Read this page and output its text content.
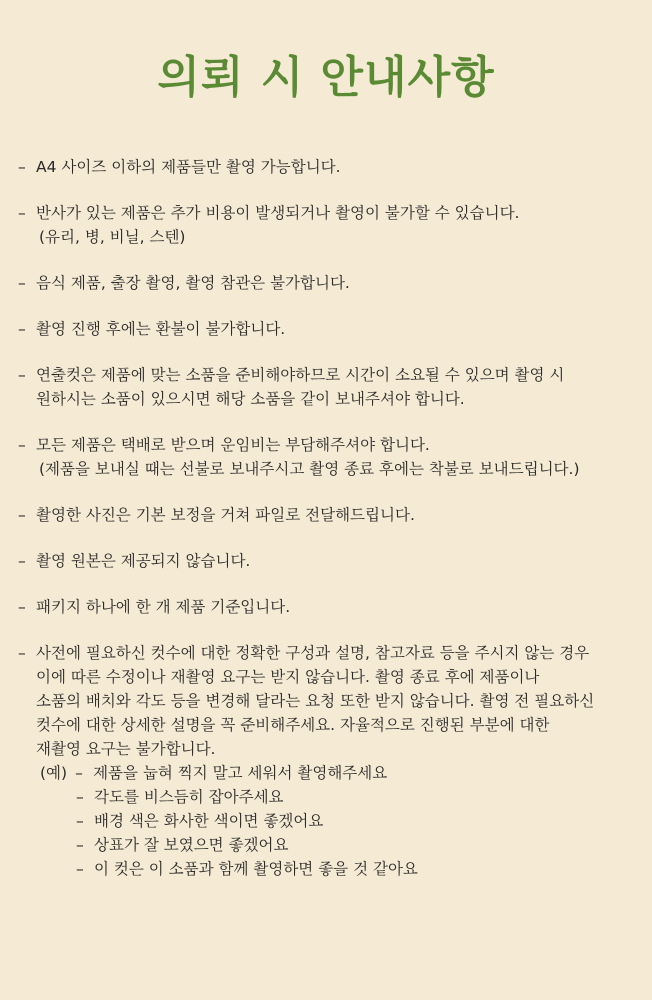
의뢰 시 안내사항
– A4 사이즈 이하의 제품들만 촬영 가능합니다.
– 반사가 있는 제품은 추가 비용이 발생되거나 촬영이 불가할 수 있습니다.
(유리, 병, 비닐, 스텐)
– 음식 제품, 출장 촬영, 촬영 참관은 불가합니다.
– 촬영 진행 후에는 환불이 불가합니다.
– 연출컷은 제품에 맞는 소품을 준비해야하므로 시간이 소요될 수 있으며 촬영 시
원하시는 소품이 있으시면 해당 소품을 같이 보내주셔야 합니다.
– 모든 제품은 택배로 받으며 운임비는 부담해주셔야 합니다.
(제품을 보내실 때는 선불로 보내주시고 촬영 종료 후에는 착불로 보내드립니다.)
– 촬영한 사진은 기본 보정을 거쳐 파일로 전달해드립니다.
– 촬영 원본은 제공되지 않습니다.
– 패키지 하나에 한 개 제품 기준입니다.
– 사전에 필요하신 컷수에 대한 정확한 구성과 설명, 참고자료 등을 주시지 않는 경우
이에 따른 수정이나 재촬영 요구는 받지 않습니다. 촬영 종료 후에 제품이나
소품의 배치와 각도 등을 변경해 달라는 요청 또한 받지 않습니다. 촬영 전 필요하신
컷수에 대한 상세한 설명을 꼭 준비해주세요. 자율적으로 진행된 부분에 대한
재촬영 요구는 불가합니다.
(예) – 제품을 눕혀 찍지 말고 세워서 촬영해주세요
– 각도를 비스듬히 잡아주세요
– 배경 색은 화사한 색이면 좋겠어요
– 상표가 잘 보였으면 좋겠어요
– 이 컷은 이 소품과 함께 촬영하면 좋을 것 같아요
